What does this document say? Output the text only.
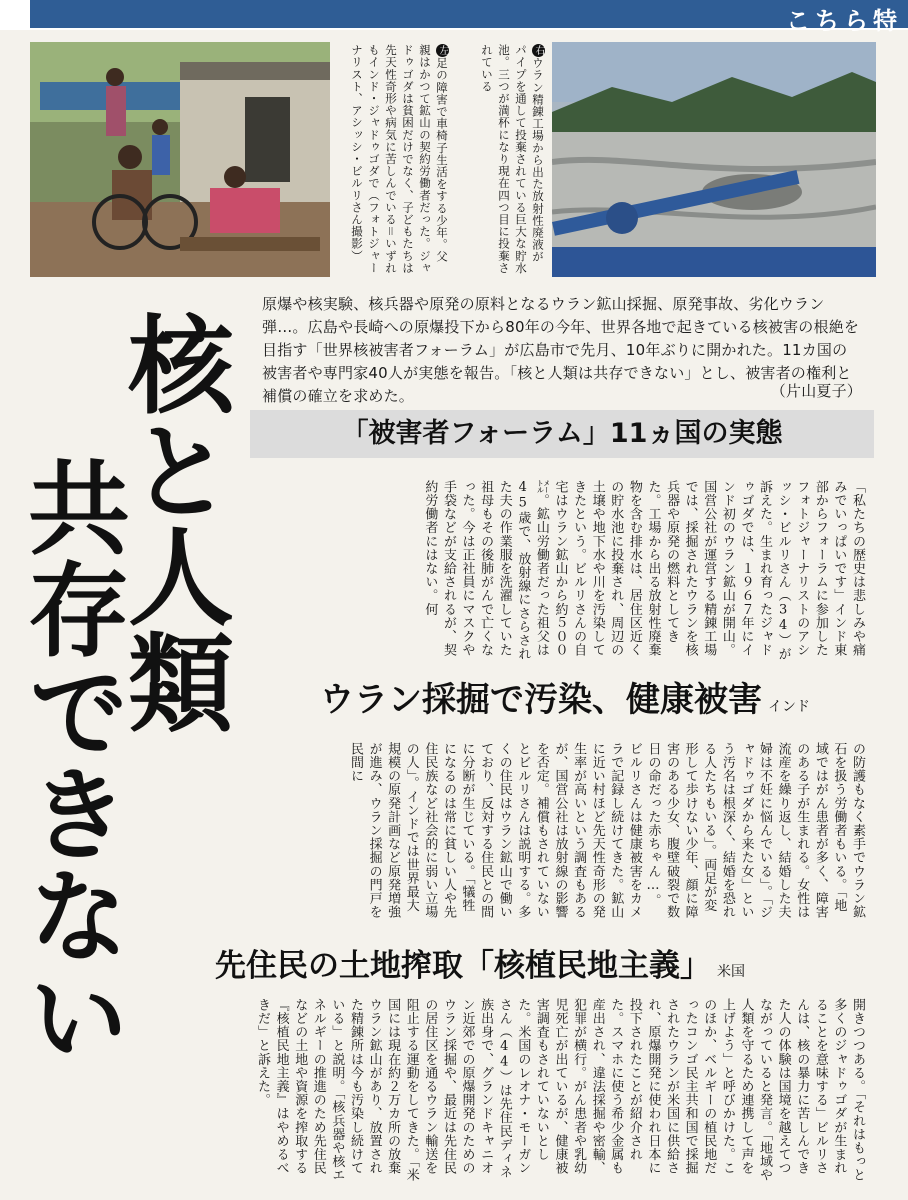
こちら特
左足の障害で車椅子生活をする少年。父親はかつて鉱山の契約労働者だった。ジャドゥゴダは貧困だけでなく、子どもたちは先天性奇形や病気に苦しんでいる＝いずれもインド・ジャドゥゴダで（フォトジャーナリスト、アシッシ・ビルリさん撮影）	右ウラン精錬工場から出た放射性廃液がパイプを通して投棄されている巨大な貯水池。三つが満杯になり現在四つ目に投棄されている
核と人類
共存できない
原爆や核実験、核兵器や原発の原料となるウラン鉱山採掘、原発事故、劣化ウラン弾…。広島や長崎への原爆投下から80年の今年、世界各地で起きている核被害の根絶を目指す「世界核被害者フォーラム」が広島市で先月、10年ぶりに開かれた。11カ国の被害者や専門家40人が実態を報告。「核と人類は共存できない」とし、被害者の権利と補償の確立を求めた。	（片山夏子）
「被害者フォーラム」11ヵ国の実態
「私たちの歴史は悲しみや痛みでいっぱいです」インド東部からフォーラムに参加したフォトジャーナリストのアシッシ・ビルリさん（34）が訴えた。生まれ育ったジャドゥゴダでは、１９６７年にインド初のウラン鉱山が開山。国営公社が運営する精錬工場では、採掘されたウランを核兵器や原発の燃料としてきた。工場から出る放射性廃棄物を含む排水は、居住区近くの貯水池に投棄され、周辺の土壌や地下水や川を汚染してきたという。ビルリさんの自宅はウラン鉱山から約５００㍍。鉱山労働者だった祖父は45歳で、放射線にさらされた夫の作業服を洗濯していた祖母もその後肺がんで亡くなった。今は正社員にマスクや手袋などが支給されるが、契約労働者にはない。何
ウラン採掘で汚染、健康被害 インド
の防護もなく素手でウラン鉱石を扱う労働者もいる。「地域ではがん患者が多く、障害のある子が生まれる。女性は流産を繰り返し、結婚した夫婦は不妊に悩んでいる」。「ジャドゥゴダから来た女」という汚名は根深く、結婚を恐れる人たちもいる」。両足が変形して歩けない少年、顔に障害のある少女、腹壁破裂で数日の命だった赤ちゃん…。ビルリさんは健康被害をカメラで記録し続けてきた。鉱山に近い村ほど先天性奇形の発生率が高いという調査もあるが、国営公社は放射線の影響を否定。補償もされていないとビルリさんは説明する。多くの住民はウラン鉱山で働いており、反対する住民との間に分断が生じている。「犠牲になるのは常に貧しい人や先住民族など社会的に弱い立場の人」。インドでは世界最大規模の原発計画など原発増強が進み、ウラン採掘の門戸を民間に
先住民の土地搾取「核植民地主義」 米国
開きつつある。「それはもっと多くのジャドゥゴダが生まれることを意味する」ビルリさんは、核の暴力に苦しんできた人の体験は国境を越えてつながっていると発言。「地域や人類を守るため連携して声を上げよう」と呼びかけた。このほか、ベルギーの植民地だったコンゴ民主共和国で採掘されたウランが米国に供給され、原爆開発に使われ日本に投下されたことが紹介された。スマホに使う希少金属も産出され、違法採掘や密輸、犯罪が横行。がん患者や乳幼児死亡が出ているが、健康被害調査もされていないとした。米国のレオナ・モーガンさん（44）は先住民ディネ族出身で、グランドキャニオン近郊での原爆開発のためのウラン採掘や、最近は先住民の居住区を通るウラン輸送を阻止する運動をしてきた。「米国には現在約２万カ所の放棄ウラン鉱山があり、放置された精錬所は今も汚染し続けている」と説明。「核兵器や核エネルギーの推進のため先住民などの土地や資源を搾取する『核植民地主義』はやめるべきだ」と訴えた。
